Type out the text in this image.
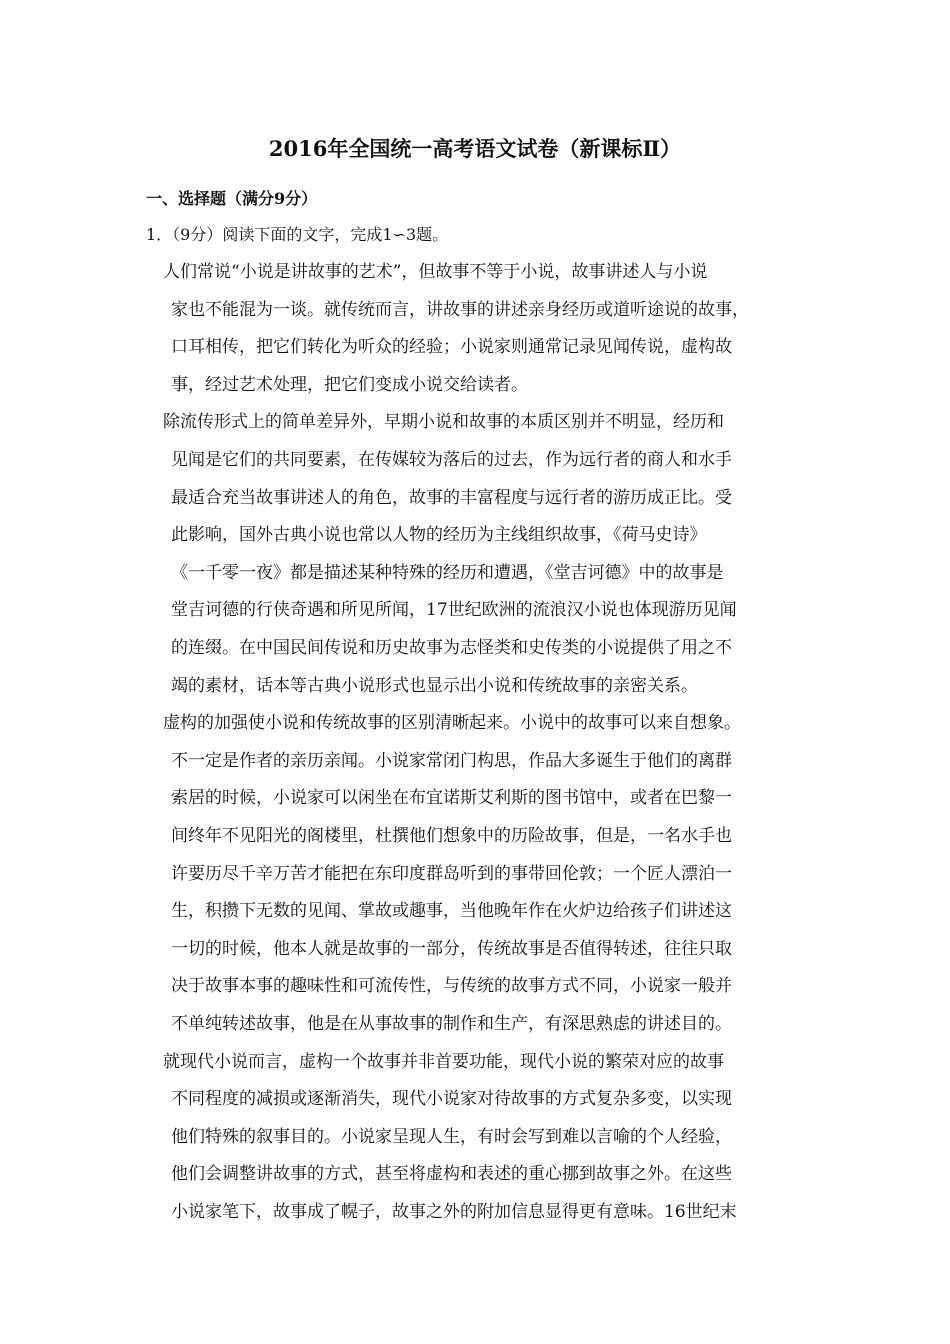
2016年全国统一高考语文试卷（新课标Ⅱ）
一、选择题（满分9分）
1．（9分）阅读下面的文字，完成1∽3题。
人们常说“小说是讲故事的艺术”，但故事不等于小说，故事讲述人与小说
家也不能混为一谈。就传统而言，讲故事的讲述亲身经历或道听途说的故事，
口耳相传，把它们转化为听众的经验；小说家则通常记录见闻传说，虚构故
事，经过艺术处理，把它们变成小说交给读者。
除流传形式上的简单差异外，早期小说和故事的本质区别并不明显，经历和
见闻是它们的共同要素，在传媒较为落后的过去，作为远行者的商人和水手
最适合充当故事讲述人的角色，故事的丰富程度与远行者的游历成正比。受
此影响，国外古典小说也常以人物的经历为主线组织故事，《荷马史诗》
《一千零一夜》都是描述某种特殊的经历和遭遇，《堂吉诃德》中的故事是
堂吉诃德的行侠奇遇和所见所闻，17世纪欧洲的流浪汉小说也体现游历见闻
的连缀。在中国民间传说和历史故事为志怪类和史传类的小说提供了用之不
竭的素材，话本等古典小说形式也显示出小说和传统故事的亲密关系。
虚构的加强使小说和传统故事的区别清晰起来。小说中的故事可以来自想象。
不一定是作者的亲历亲闻。小说家常闭门构思，作品大多诞生于他们的离群
索居的时候，小说家可以闲坐在布宜诺斯艾利斯的图书馆中，或者在巴黎一
间终年不见阳光的阁楼里，杜撰他们想象中的历险故事，但是，一名水手也
许要历尽千辛万苦才能把在东印度群岛听到的事带回伦敦；一个匠人漂泊一
生，积攒下无数的见闻、掌故或趣事，当他晚年作在火炉边给孩子们讲述这
一切的时候，他本人就是故事的一部分，传统故事是否值得转述，往往只取
决于故事本事的趣味性和可流传性，与传统的故事方式不同，小说家一般并
不单纯转述故事，他是在从事故事的制作和生产，有深思熟虑的讲述目的。
就现代小说而言，虚构一个故事并非首要功能，现代小说的繁荣对应的故事
不同程度的减损或逐渐消失，现代小说家对待故事的方式复杂多变，以实现
他们特殊的叙事目的。小说家呈现人生，有时会写到难以言喻的个人经验，
他们会调整讲故事的方式，甚至将虚构和表述的重心挪到故事之外。在这些
小说家笔下，故事成了幌子，故事之外的附加信息显得更有意味。16世纪末
